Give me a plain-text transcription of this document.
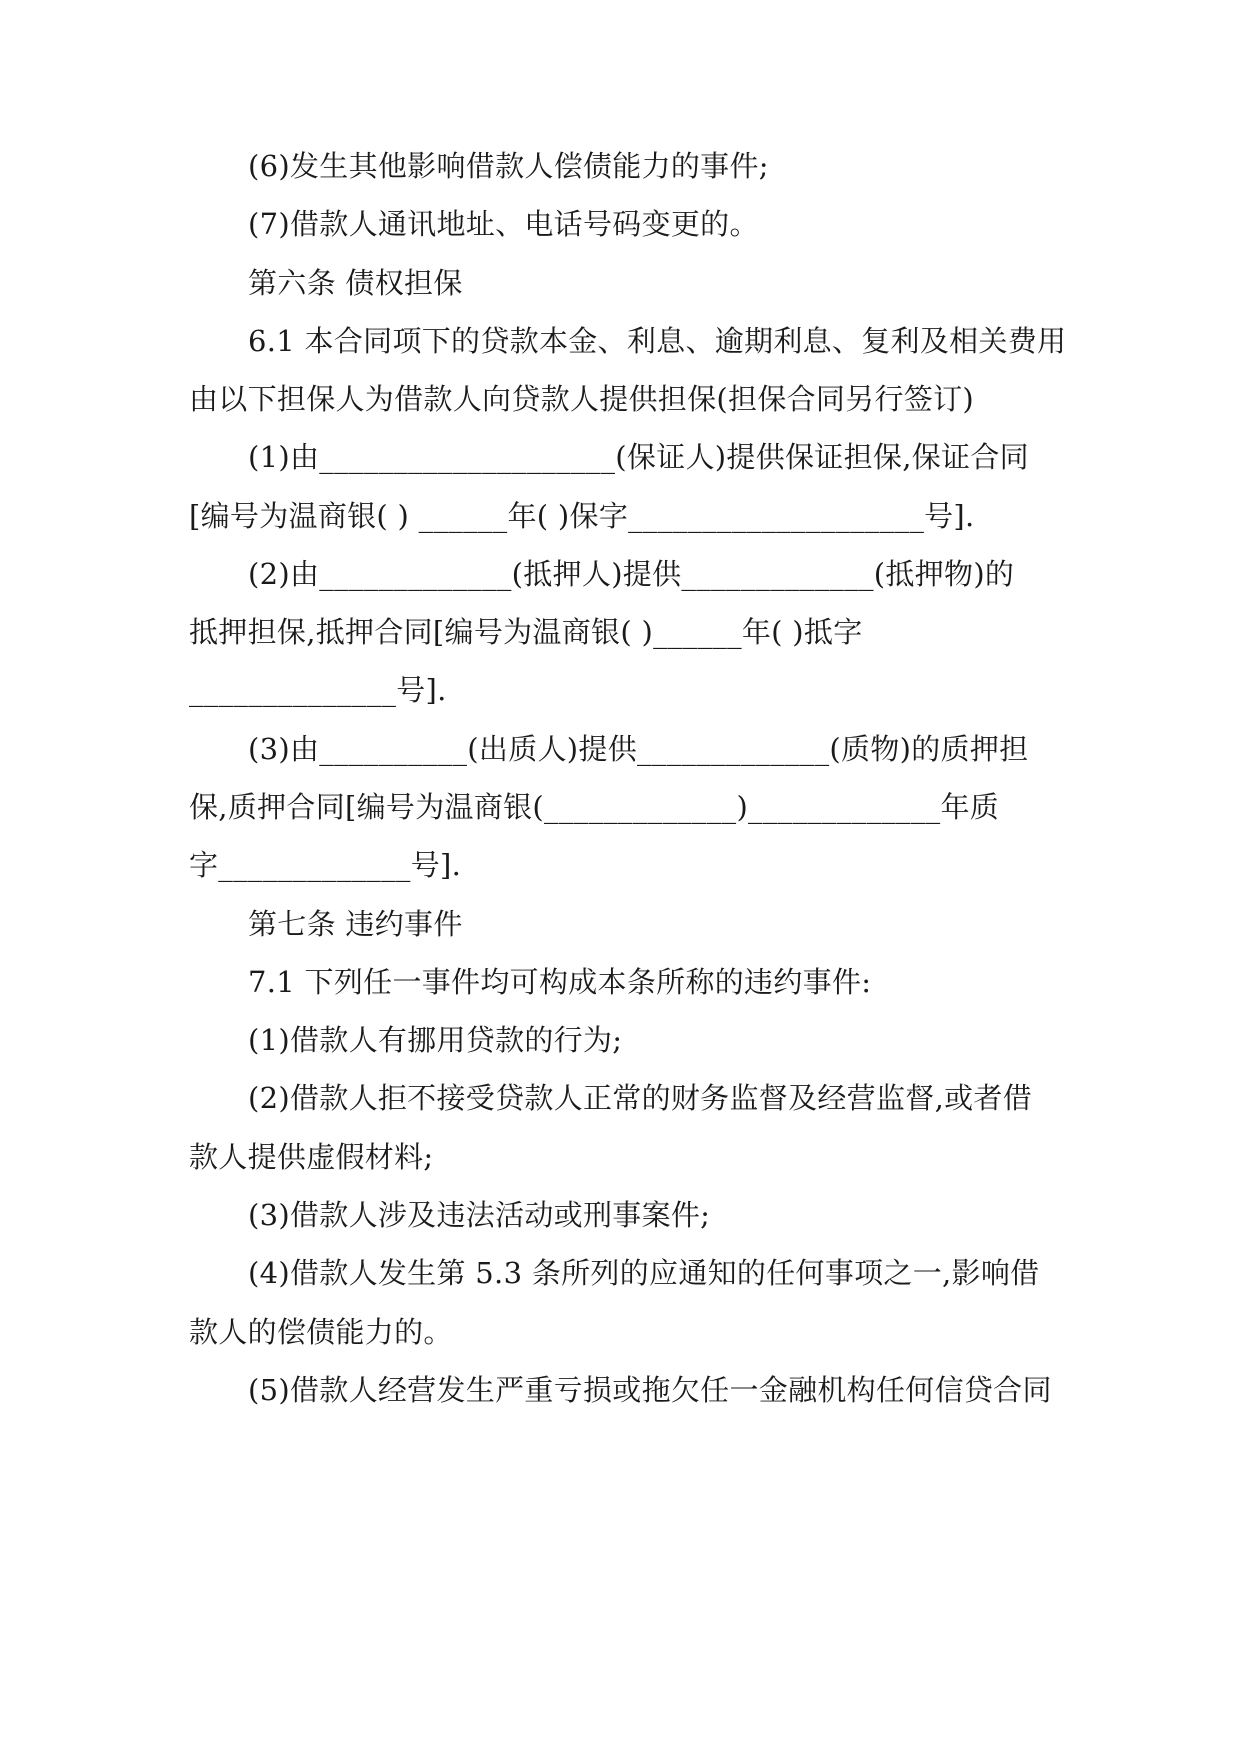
(6)发生其他影响借款人偿债能力的事件;
(7)借款人通讯地址、电话号码变更的。
第六条 债权担保
6.1 本合同项下的贷款本金、利息、逾期利息、复利及相关费用
由以下担保人为借款人向贷款人提供担保(担保合同另行签订)
(1)由____________________(保证人)提供保证担保,保证合同
[编号为温商银( ) ______年( )保字____________________号].
(2)由_____________(抵押人)提供_____________(抵押物)的
抵押担保,抵押合同[编号为温商银( )______年( )抵字
______________号].
(3)由__________(出质人)提供_____________(质物)的质押担
保,质押合同[编号为温商银(_____________)_____________年质
字_____________号].
第七条 违约事件
7.1 下列任一事件均可构成本条所称的违约事件:
(1)借款人有挪用贷款的行为;
(2)借款人拒不接受贷款人正常的财务监督及经营监督,或者借
款人提供虚假材料;
(3)借款人涉及违法活动或刑事案件;
(4)借款人发生第 5.3 条所列的应通知的任何事项之一,影响借
款人的偿债能力的。
(5)借款人经营发生严重亏损或拖欠任一金融机构任何信贷合同
